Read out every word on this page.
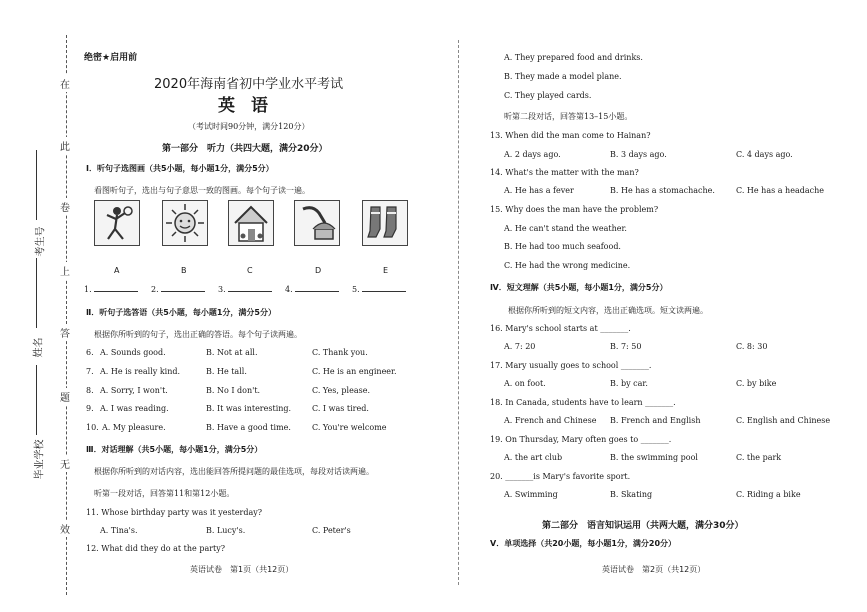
在
此
卷
上
答
题
无
效
考生号
姓名
毕业学校
绝密★启用前
2020年海南省初中学业水平考试
英语
（考试时间90分钟，满分120分）
第一部分　听力（共四大题，满分20分）
Ⅰ．听句子选图画（共5小题，每小题1分，满分5分）
看图听句子，选出与句子意思一致的图画。每个句子读一遍。
A	B	C	D	E
1.	2.	3.	4.	5.
Ⅱ．听句子选答语（共5小题，每小题1分，满分5分）
根据你所听到的句子，选出正确的答语。每个句子读两遍。
6. A. Sounds good.	B. Not at all.	C. Thank you.
7. A. He is really kind.	B. He tall.	C. He is an engineer.
8. A. Sorry, I won't.	B. No I don't.	C. Yes, please.
9. A. I was reading.	B. It was interesting.	C. I was tired.
10. A. My pleasure.	B. Have a good time.	C. You're welcome
Ⅲ．对话理解（共5小题，每小题1分，满分5分）
根据你所听到的对话内容，选出能回答所提问题的最佳选项，每段对话读两遍。
听第一段对话，回答第11和第12小题。
11. Whose birthday party was it yesterday?
A. Tina's.	B. Lucy's.	C. Peter's
12. What did they do at the party?
英语试卷　第1页（共12页）
A. They prepared food and drinks.
B. They made a model plane.
C. They played cards.
听第二段对话，回答第13–15小题。
13. When did the man come to Hainan?
A. 2 days ago.	B. 3 days ago.	C. 4 days ago.
14. What's the matter with the man?
A. He has a fever	B. He has a stomachache.	C. He has a headache
15. Why does the man have the problem?
A. He can't stand the weather.
B. He had too much seafood.
C. He had the wrong medicine.
Ⅳ．短文理解（共5小题，每小题1分，满分5分）
根据你所听到的短文内容，选出正确选项。短文读两遍。
16. Mary's school starts at _______.
A. 7: 20	B. 7: 50	C. 8: 30
17. Mary usually goes to school _______.
A. on foot.	B. by car.	C. by bike
18. In Canada, students have to learn _______.
A. French and Chinese B. French and English	C. English and Chinese
19. On Thursday, Mary often goes to _______.
A. the art club	B. the swimming pool	C. the park
20. _______is Mary's favorite sport.
A. Swimming	B. Skating	C. Riding a bike
第二部分　语言知识运用（共两大题，满分30分）
Ⅴ．单项选择（共20小题，每小题1分，满分20分）
英语试卷　第2页（共12页）
